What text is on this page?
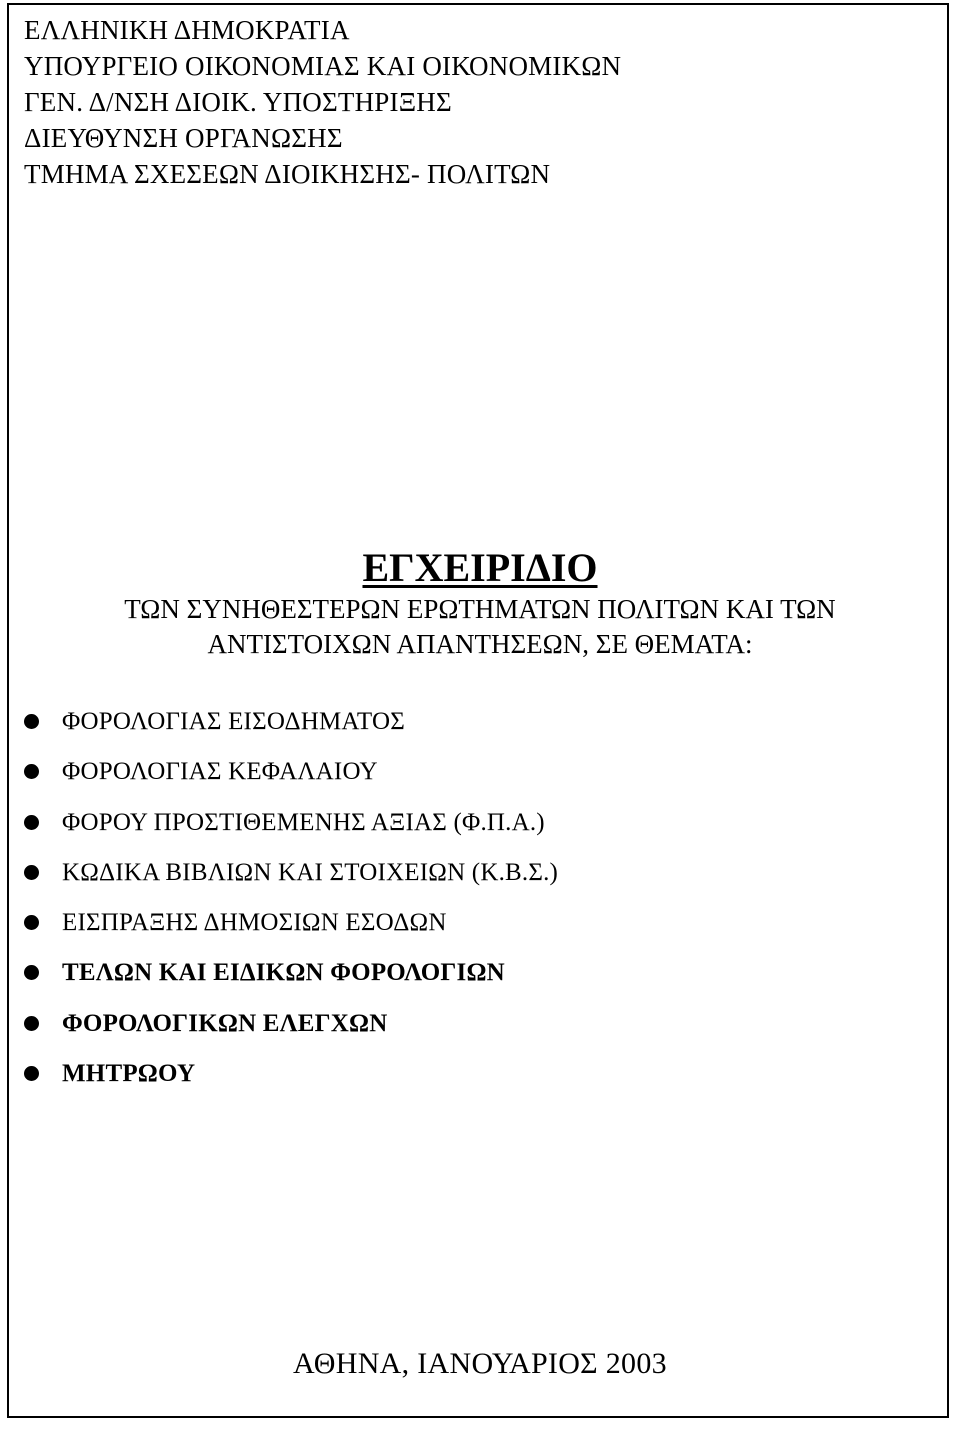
ΕΛΛΗΝΙΚΗ ΔΗΜΟΚΡΑΤΙΑ
ΥΠΟΥΡΓΕΙΟ ΟΙΚΟΝΟΜΙΑΣ ΚΑΙ ΟΙΚΟΝΟΜΙΚΩΝ
ΓΕΝ. Δ/ΝΣΗ ΔΙΟΙΚ. ΥΠΟΣΤΗΡΙΞΗΣ
ΔΙΕΥΘΥΝΣΗ ΟΡΓΑΝΩΣΗΣ
ΤΜΗΜΑ ΣΧΕΣΕΩΝ ΔΙΟΙΚΗΣΗΣ- ΠΟΛΙΤΩΝ
ΕΓΧΕΙΡΙΔΙΟ
ΤΩΝ ΣΥΝΗΘΕΣΤΕΡΩΝ ΕΡΩΤΗΜΑΤΩΝ ΠΟΛΙΤΩΝ ΚΑΙ ΤΩΝ
ΑΝΤΙΣΤΟΙΧΩΝ ΑΠΑΝΤΗΣΕΩΝ, ΣΕ ΘΕΜΑΤΑ:
ΦΟΡΟΛΟΓΙΑΣ ΕΙΣΟΔΗΜΑΤΟΣ
ΦΟΡΟΛΟΓΙΑΣ ΚΕΦΑΛΑΙΟΥ
ΦΟΡΟΥ ΠΡΟΣΤΙΘΕΜΕΝΗΣ ΑΞΙΑΣ (Φ.Π.Α.)
ΚΩΔΙΚΑ ΒΙΒΛΙΩΝ ΚΑΙ ΣΤΟΙΧΕΙΩΝ (Κ.Β.Σ.)
ΕΙΣΠΡΑΞΗΣ ΔΗΜΟΣΙΩΝ ΕΣΟΔΩΝ
ΤΕΛΩΝ ΚΑΙ ΕΙΔΙΚΩΝ ΦΟΡΟΛΟΓΙΩΝ
ΦΟΡΟΛΟΓΙΚΩΝ ΕΛΕΓΧΩΝ
ΜΗΤΡΩΟΥ
ΑΘΗΝΑ, ΙΑΝΟΥΑΡΙΟΣ 2003
